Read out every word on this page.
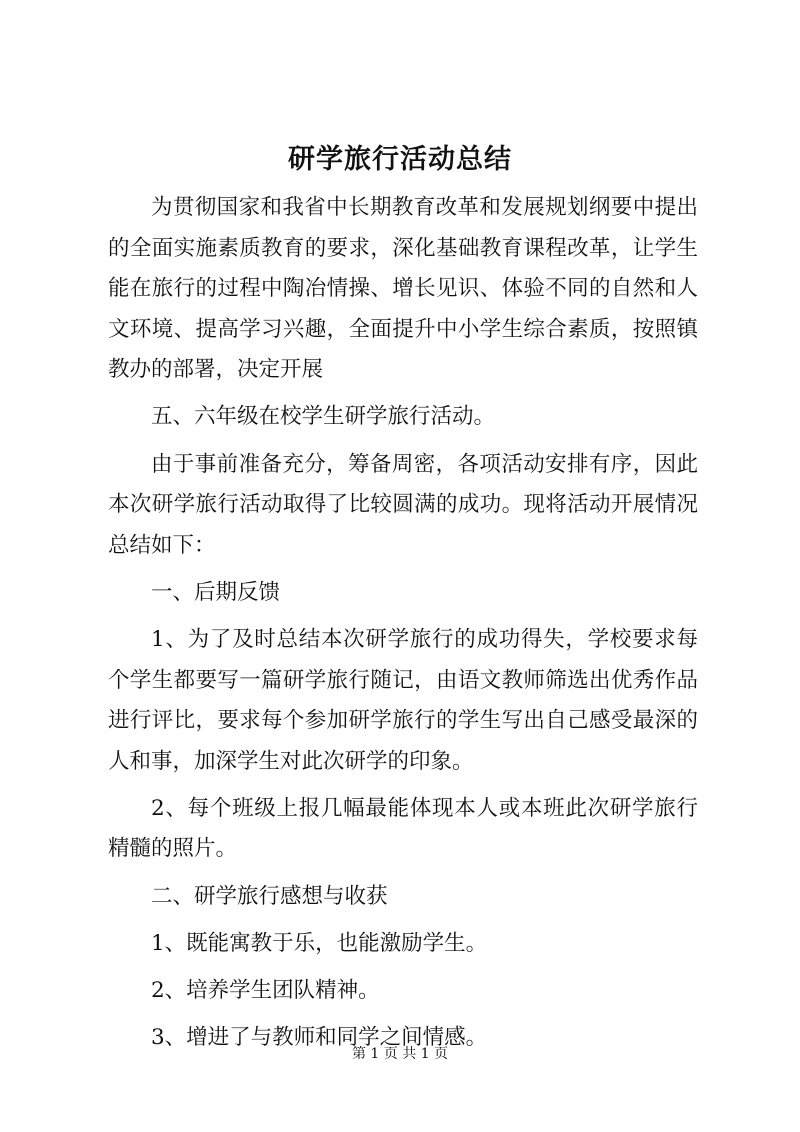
研学旅行活动总结

为贯彻国家和我省中长期教育改革和发展规划纲要中提出的全面实施素质教育的要求，深化基础教育课程改革，让学生能在旅行的过程中陶冶情操、增长见识、体验不同的自然和人文环境、提高学习兴趣，全面提升中小学生综合素质，按照镇教办的部署，决定开展

五、六年级在校学生研学旅行活动。

由于事前准备充分，筹备周密，各项活动安排有序，因此本次研学旅行活动取得了比较圆满的成功。现将活动开展情况总结如下：

一、后期反馈

1、为了及时总结本次研学旅行的成功得失，学校要求每个学生都要写一篇研学旅行随记，由语文教师筛选出优秀作品进行评比，要求每个参加研学旅行的学生写出自己感受最深的人和事，加深学生对此次研学的印象。

2、每个班级上报几幅最能体现本人或本班此次研学旅行精髓的照片。

二、研学旅行感想与收获

1、既能寓教于乐，也能激励学生。

2、培养学生团队精神。

3、增进了与教师和同学之间情感。

第 1 页 共 1 页
